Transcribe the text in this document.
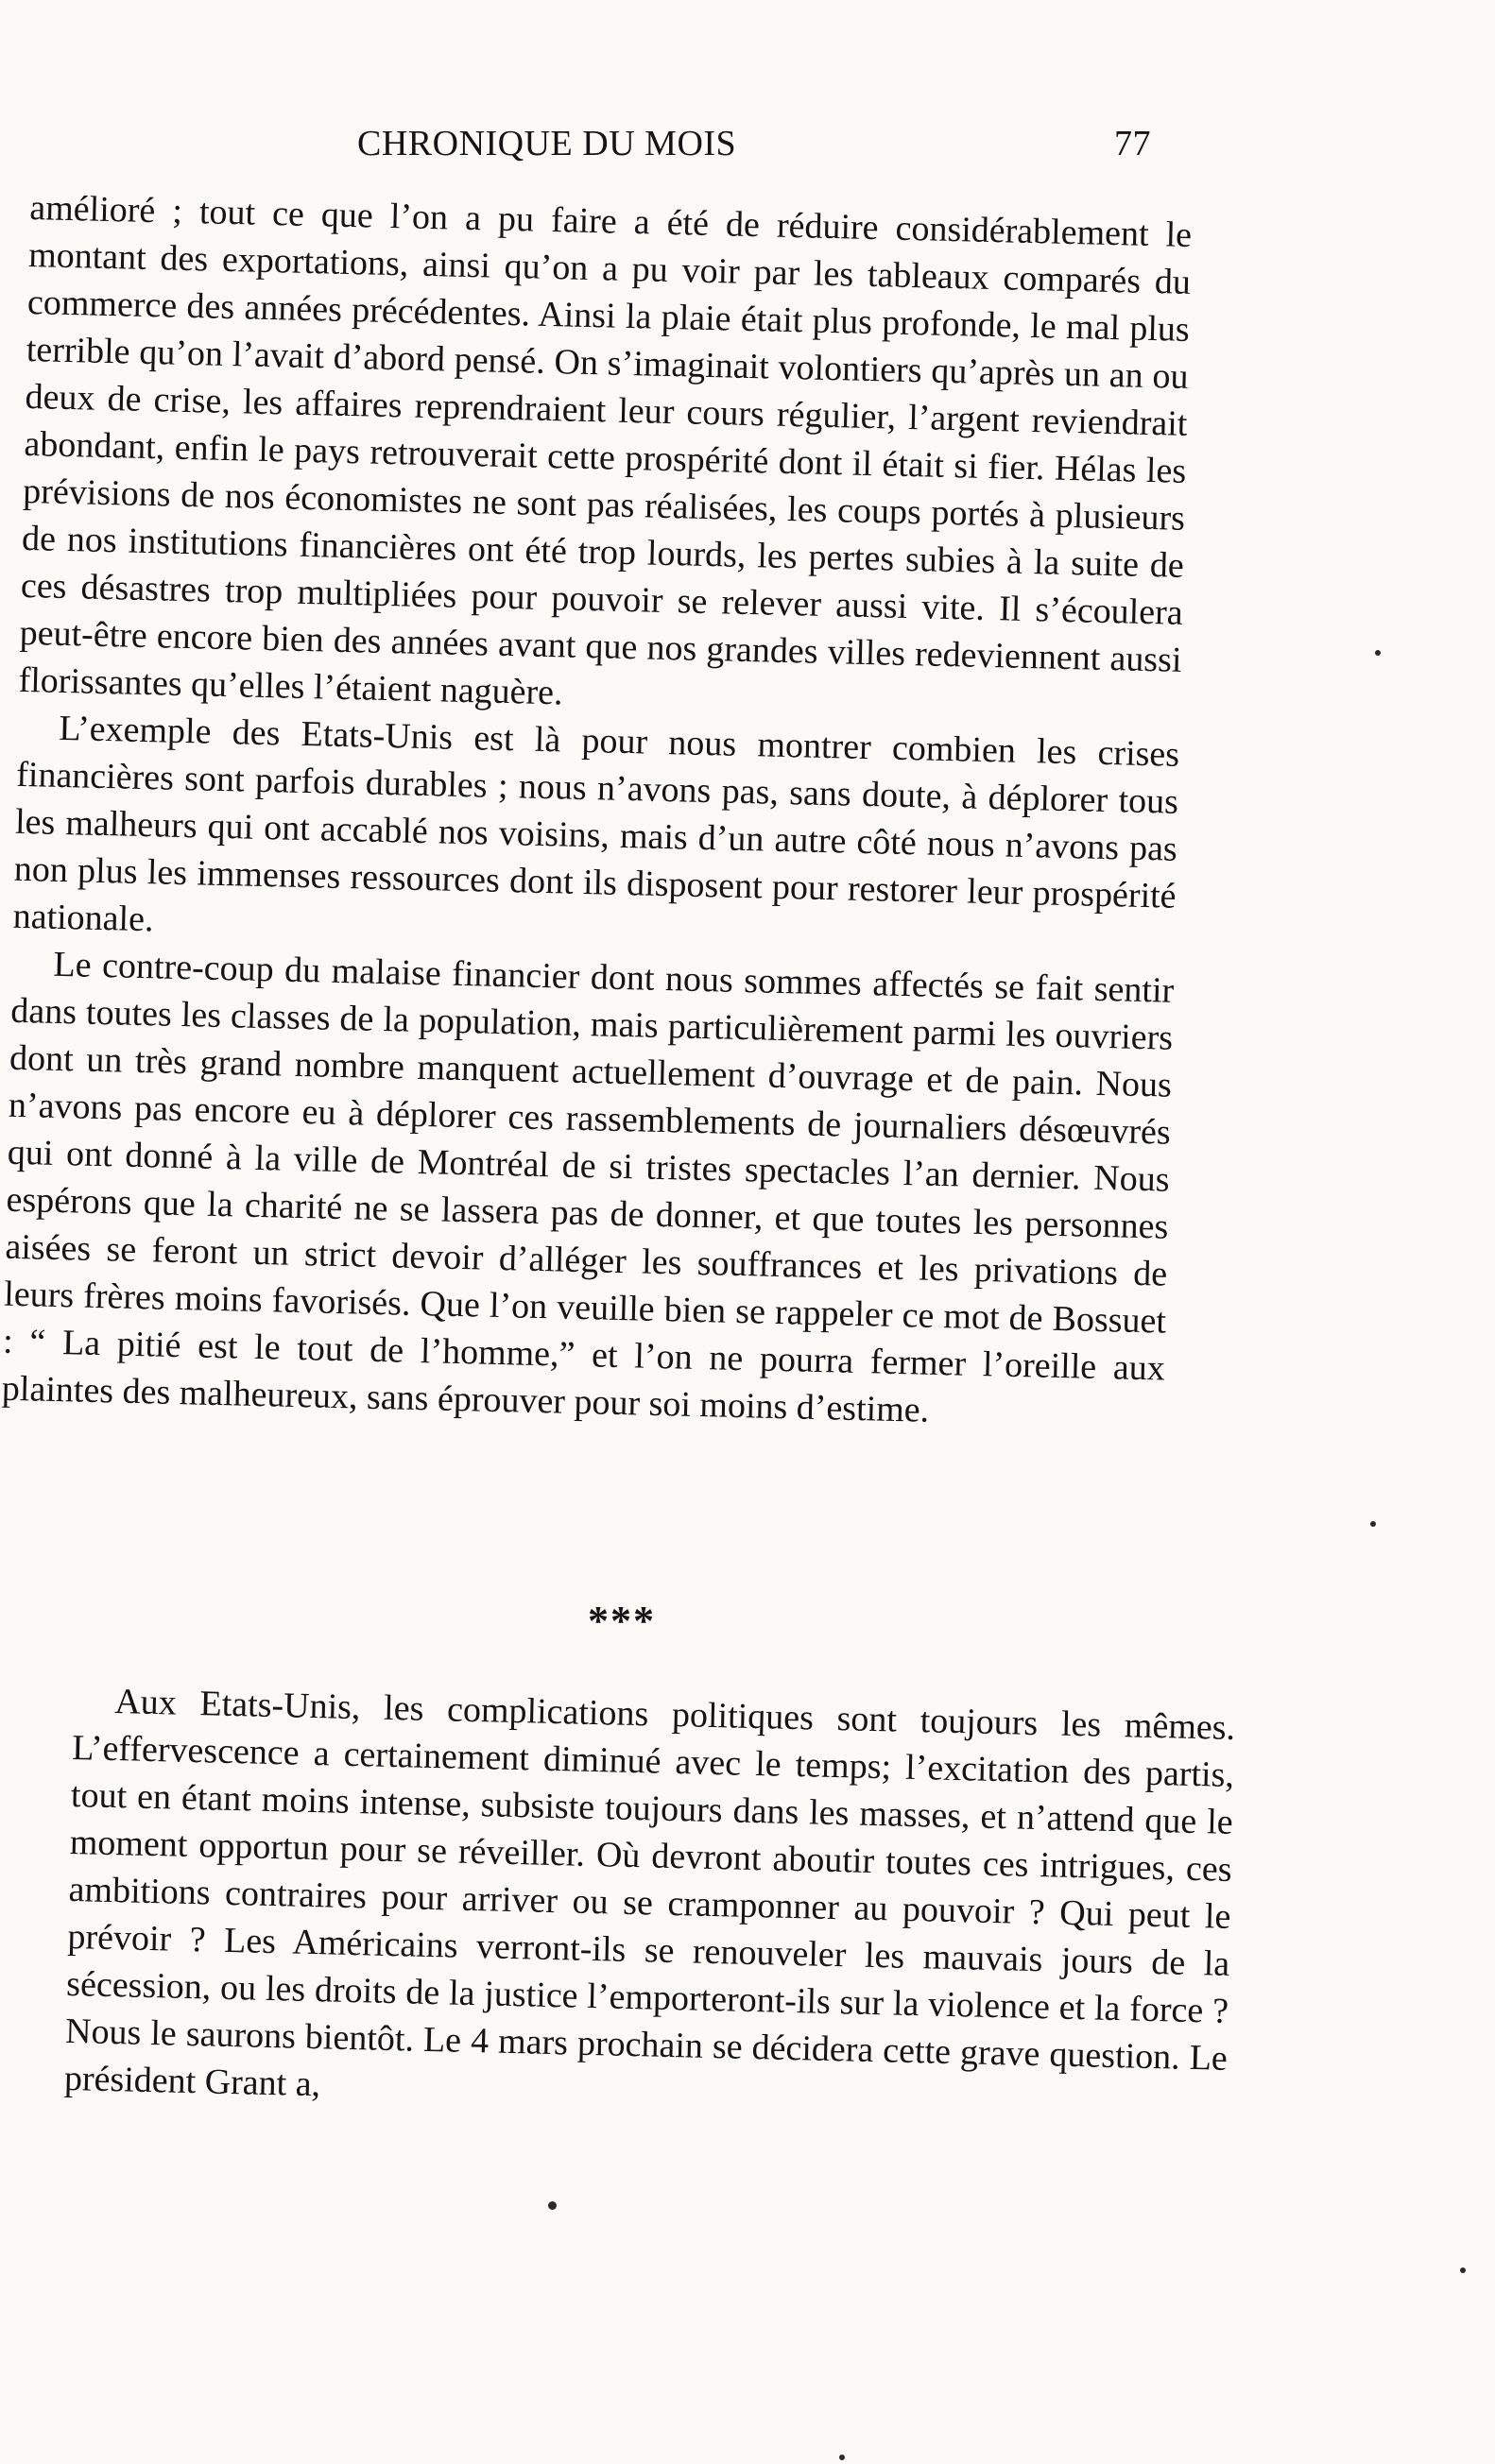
CHRONIQUE DU MOIS	77

amélioré ; tout ce que l’on a pu faire a été de réduire considérablement le montant des exportations, ainsi qu’on a pu voir par les tableaux comparés du commerce des années précédentes. Ainsi la plaie était plus profonde, le mal plus terrible qu’on l’avait d’abord pensé. On s’imaginait volontiers qu’après un an ou deux de crise, les affaires reprendraient leur cours régulier, l’argent reviendrait abondant, enfin le pays retrouverait cette prospérité dont il était si fier. Hélas les prévisions de nos économistes ne sont pas réalisées, les coups portés à plusieurs de nos institutions financières ont été trop lourds, les pertes subies à la suite de ces désastres trop multipliées pour pouvoir se relever aussi vite. Il s’écoulera peut-être encore bien des années avant que nos grandes villes redeviennent aussi florissantes qu’elles l’étaient naguère.

L’exemple des Etats-Unis est là pour nous montrer combien les crises financières sont parfois durables ; nous n’avons pas, sans doute, à déplorer tous les malheurs qui ont accablé nos voisins, mais d’un autre côté nous n’avons pas non plus les immenses ressources dont ils disposent pour restorer leur prospérité nationale.

Le contre-coup du malaise financier dont nous sommes affectés se fait sentir dans toutes les classes de la population, mais particulièrement parmi les ouvriers dont un très grand nombre manquent actuellement d’ouvrage et de pain. Nous n’avons pas encore eu à déplorer ces rassemblements de journaliers désœuvrés qui ont donné à la ville de Montréal de si tristes spectacles l’an dernier. Nous espérons que la charité ne se lassera pas de donner, et que toutes les personnes aisées se feront un strict devoir d’alléger les souffrances et les privations de leurs frères moins favorisés. Que l’on veuille bien se rappeler ce mot de Bossuet : “ La pitié est le tout de l’homme,” et l’on ne pourra fermer l’oreille aux plaintes des malheureux, sans éprouver pour soi moins d’estime.

***

Aux Etats-Unis, les complications politiques sont toujours les mêmes. L’effervescence a certainement diminué avec le temps; l’excitation des partis, tout en étant moins intense, subsiste toujours dans les masses, et n’attend que le moment opportun pour se réveiller. Où devront aboutir toutes ces intrigues, ces ambitions contraires pour arriver ou se cramponner au pouvoir ? Qui peut le prévoir ? Les Américains verront-ils se renouveler les mauvais jours de la sécession, ou les droits de la justice l’emporteront-ils sur la violence et la force ? Nous le saurons bientôt. Le 4 mars prochain se décidera cette grave question. Le président Grant a,
